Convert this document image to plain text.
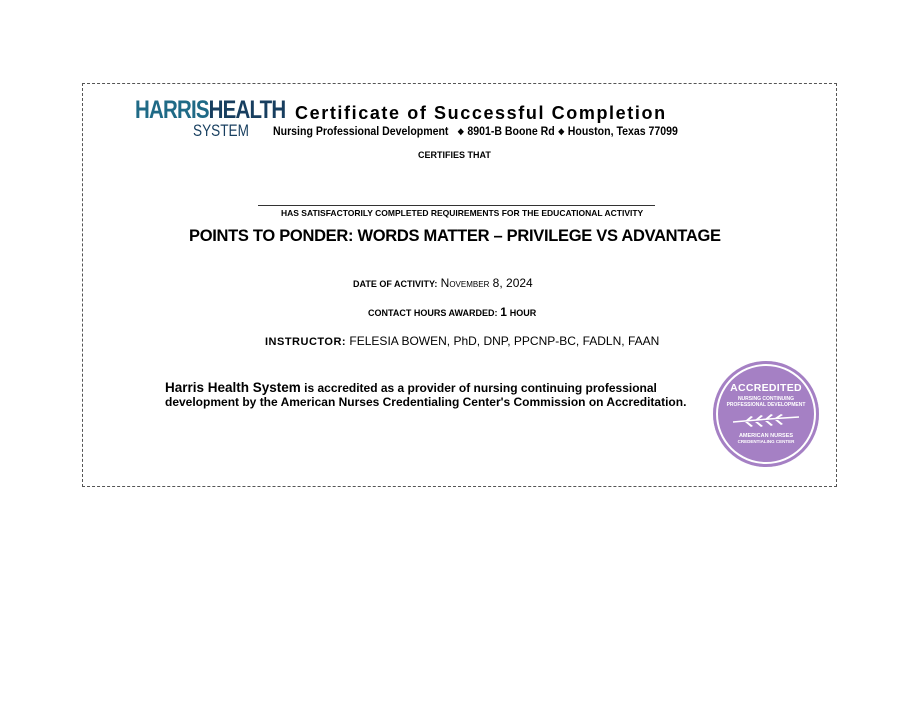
HARRISHEALTH
SYSTEM
Certificate of Successful Completion
Nursing Professional Development ❖ 8901-B Boone Rd ❖ Houston, Texas 77099
CERTIFIES THAT
HAS SATISFACTORILY COMPLETED REQUIREMENTS FOR THE EDUCATIONAL ACTIVITY
POINTS TO PONDER: WORDS MATTER – PRIVILEGE VS ADVANTAGE
DATE OF ACTIVITY: November 8, 2024
CONTACT HOURS AWARDED: 1 HOUR
INSTRUCTOR: FELESIA BOWEN, PhD, DNP, PPCNP-BC, FADLN, FAAN
Harris Health System is accredited as a provider of nursing continuing professional development by the American Nurses Credentialing Center's Commission on Accreditation.
ACCREDITED
NURSING CONTINUING
PROFESSIONAL DEVELOPMENT
AMERICAN NURSES
CREDENTIALING CENTER
